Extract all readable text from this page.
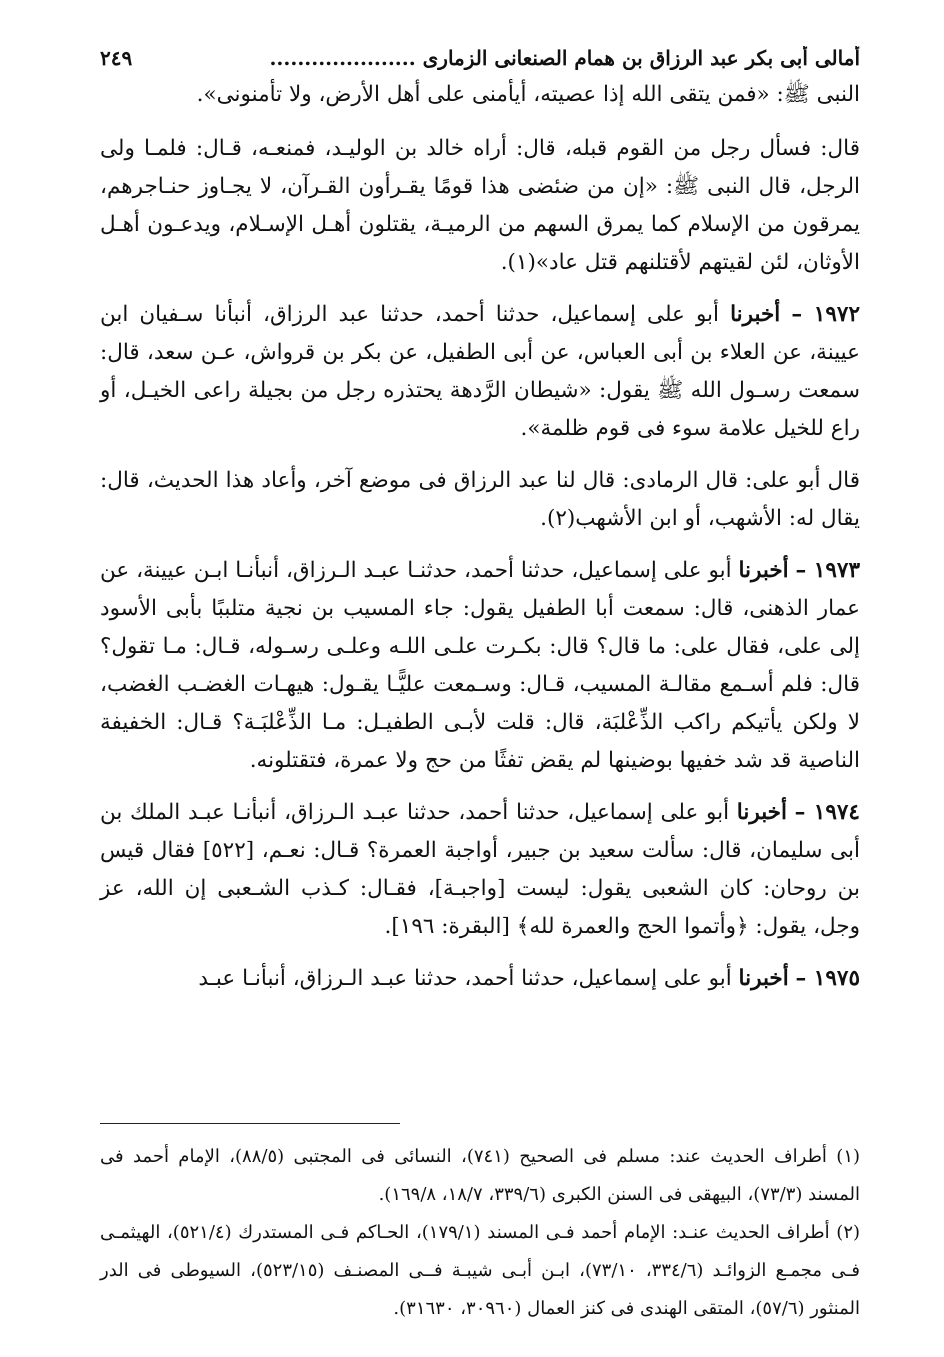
أمالى أبى بكر عبد الرزاق بن همام الصنعانى الزمارى .....................
٢٤٩

النبى ﷺ: «فمن يتقى الله إذا عصيته، أيأمنى على أهل الأرض، ولا تأمنونى».

قال: فسأل رجل من القوم قبله، قال: أراه خالد بن الوليـد، فمنعـه، قـال: فلمـا ولى الرجل، قال النبى ﷺ: «إن من ضئضى هذا قومًا يقـرأون القـرآن، لا يجـاوز حنـاجرهم، يمرقون من الإسلام كما يمرق السهم من الرميـة، يقتلون أهـل الإسـلام، ويدعـون أهـل الأوثان، لئن لقيتهم لأقتلنهم قتل عاد»(١).

١٩٧٢ – أخبرنا أبو على إسماعيل، حدثنا أحمد، حدثنا عبد الرزاق، أنبأنا سـفيان ابن عيينة، عن العلاء بن أبى العباس، عن أبى الطفيل، عن بكر بن قرواش، عـن سعد، قال: سمعت رسـول الله ﷺ يقول: «شيطان الرَّدهة يحتذره رجل من بجيلة راعى الخيـل، أو راع للخيل علامة سوء فى قوم ظلمة».

قال أبو على: قال الرمادى: قال لنا عبد الرزاق فى موضع آخر، وأعاد هذا الحديث، قال: يقال له: الأشهب، أو ابن الأشهب(٢).

١٩٧٣ – أخبرنا أبو على إسماعيل، حدثنا أحمد، حدثنـا عبـد الـرزاق، أنبأنـا ابـن عيينة، عن عمار الذهنى، قال: سمعت أبا الطفيل يقول: جاء المسيب بن نجية متلببًا بأبى الأسود إلى على، فقال على: ما قال؟ قال: بكـرت علـى اللـه وعلـى رسـوله، قـال: مـا تقول؟ قال: فلم أسـمع مقالـة المسيب، قـال: وسـمعت عليًّـا يقـول: هيهـات الغضـب الغضب، لا ولكن يأتيكم راكب الذِّعْلبَة، قال: قلت لأبـى الطفيـل: مـا الذِّعْلبَـة؟ قـال: الخفيفة الناصية قد شد خفيها بوضينها لم يقض تفثًا من حج ولا عمرة، فتقتلونه.

١٩٧٤ – أخبرنا أبو على إسماعيل، حدثنا أحمد، حدثنا عبـد الـرزاق، أنبأنـا عبـد الملك بن أبى سليمان، قال: سألت سعيد بن جبير، أواجبة العمرة؟ قـال: نعـم، [٥٢٢] فقال قيس بن روحان: كان الشعبى يقول: ليست [واجبـة]، فقـال: كـذب الشـعبى إن الله، عز وجل، يقول: ﴿وأتموا الحج والعمرة لله﴾ [البقرة: ١٩٦].

١٩٧٥ – أخبرنا أبو على إسماعيل، حدثنا أحمد، حدثنا عبـد الـرزاق، أنبأنـا عبـد

(١) أطراف الحديث عند: مسلم فى الصحيح (٧٤١)، النسائى فى المجتبى (٨٨/٥)، الإمام أحمد فى المسند (٧٣/٣)، البيهقى فى السنن الكبرى (٣٣٩/٦، ١٨/٧، ١٦٩/٨).

(٢) أطراف الحديث عنـد: الإمام أحمد فـى المسند (١٧٩/١)، الحـاكم فـى المستدرك (٥٢١/٤)، الهيثمـى فـى مجمـع الزوائـد (٣٣٤/٦، ٧٣/١٠)، ابـن أبـى شيبـة فــى المصنـف (٥٢٣/١٥)، السيوطى فى الدر المنثور (٥٧/٦)، المتقى الهندى فى كنز العمال (٣٠٩٦٠، ٣١٦٣٠).
